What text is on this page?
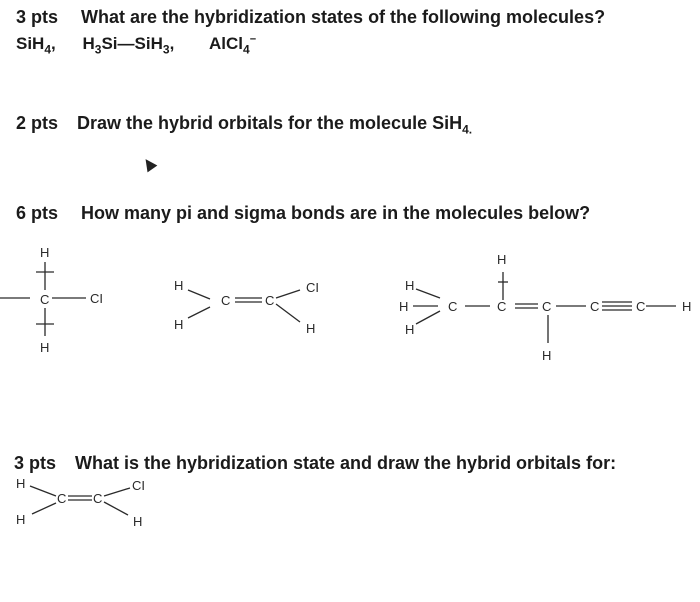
3 pts What are the hybridization states of the following molecules?
SiH$_4$, $H_3Si—SiH_3$, AlCl$_4$−
2 pts Draw the hybrid orbitals for the molecule SiH$_{4.}$
6 pts How many pi and sigma bonds are in the molecules below?
3 pts What is the hybridization state and draw the hybrid orbitals for:
H
C	CI
H
H
H
C	C
CI
H
H
H
H
C
H
C	C
H
C	C	H
H
H
C C
CI
H
